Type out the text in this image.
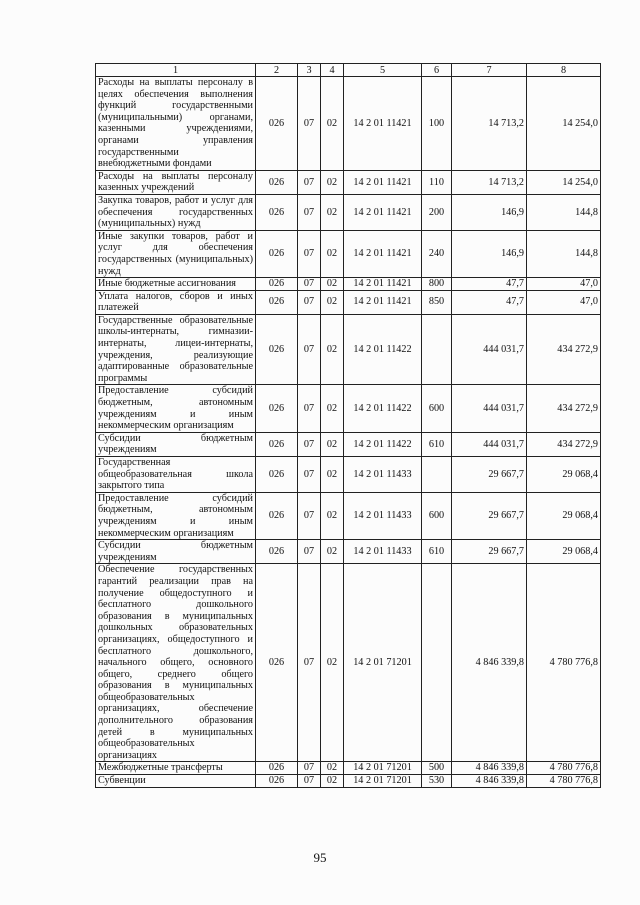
1	2	3	4	5	6	7	8
Расходы на выплаты персоналу в целях обеспечения выполнения функций государственными (муниципальными) органами, казенными учреждениями, органами управления государственными внебюджетными фондами	026	07	02	14 2 01 11421	100	14 713,2	14 254,0
Расходы на выплаты персоналу казенных учреждений	026	07	02	14 2 01 11421	110	14 713,2	14 254,0
Закупка товаров, работ и услуг для обеспечения государственных (муниципальных) нужд	026	07	02	14 2 01 11421	200	146,9	144,8
Иные закупки товаров, работ и услуг для обеспечения государственных (муниципальных) нужд	026	07	02	14 2 01 11421	240	146,9	144,8
Иные бюджетные ассигнования	026	07	02	14 2 01 11421	800	47,7	47,0
Уплата налогов, сборов и иных платежей	026	07	02	14 2 01 11421	850	47,7	47,0
Государственные образовательные школы-интернаты, гимназии-интернаты, лицеи-интернаты, учреждения, реализующие адаптированные образовательные программы	026	07	02	14 2 01 11422		444 031,7	434 272,9
Предоставление субсидий бюджетным, автономным учреждениям и иным некоммерческим организациям	026	07	02	14 2 01 11422	600	444 031,7	434 272,9
Субсидии бюджетным учреждениям	026	07	02	14 2 01 11422	610	444 031,7	434 272,9
Государственная общеобразовательная школа закрытого типа	026	07	02	14 2 01 11433		29 667,7	29 068,4
Предоставление субсидий бюджетным, автономным учреждениям и иным некоммерческим организациям	026	07	02	14 2 01 11433	600	29 667,7	29 068,4
Субсидии бюджетным учреждениям	026	07	02	14 2 01 11433	610	29 667,7	29 068,4
Обеспечение государственных гарантий реализации прав на получение общедоступного и бесплатного дошкольного образования в муниципальных дошкольных образовательных организациях, общедоступного и бесплатного дошкольного, начального общего, основного общего, среднего общего образования в муниципальных общеобразовательных организациях, обеспечение дополнительного образования детей в муниципальных общеобразовательных организациях	026	07	02	14 2 01 71201		4 846 339,8	4 780 776,8
Межбюджетные трансферты	026	07	02	14 2 01 71201	500	4 846 339,8	4 780 776,8
Субвенции	026	07	02	14 2 01 71201	530	4 846 339,8	4 780 776,8
95
